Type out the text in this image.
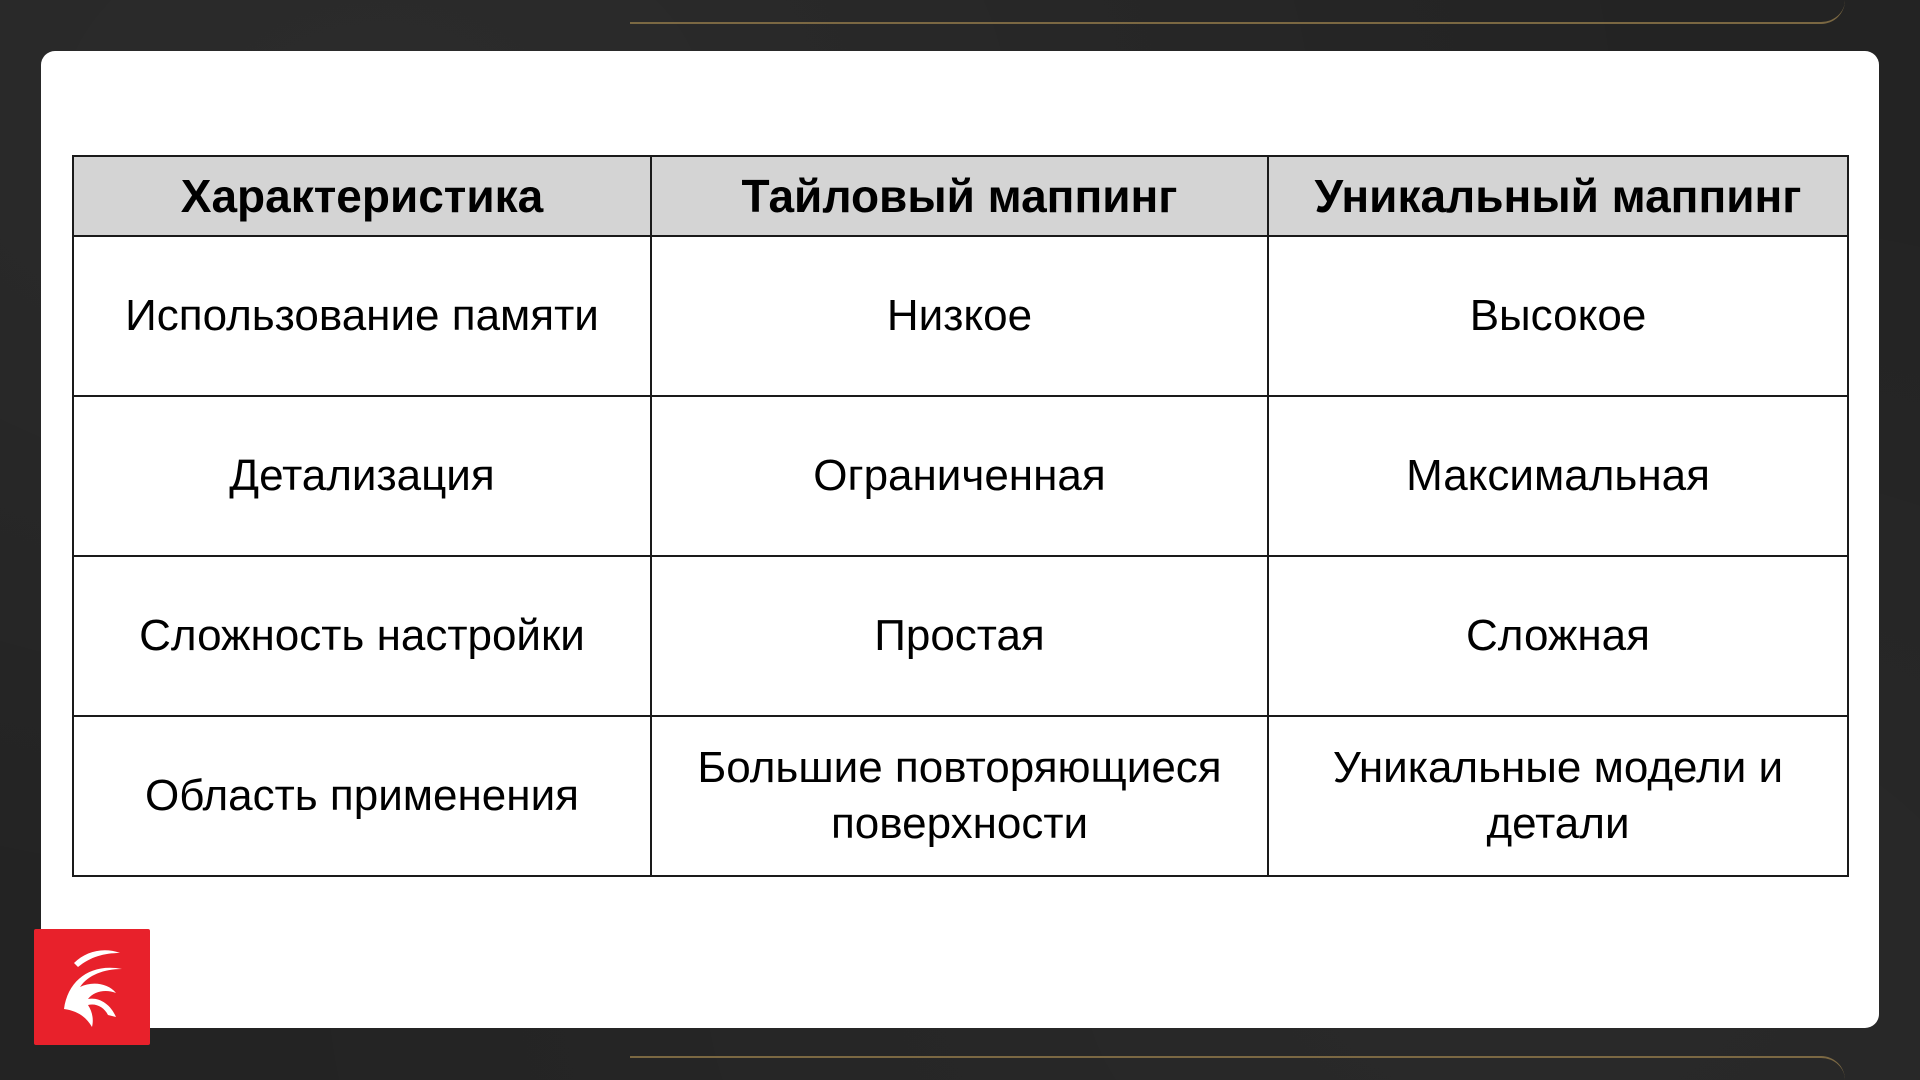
Характеристика	Тайловый маппинг	Уникальный маппинг
Использование памяти	Низкое	Высокое
Детализация	Ограниченная	Максимальная
Сложность настройки	Простая	Сложная
Область применения	Большие повторяющиеся поверхности	Уникальные модели и детали
